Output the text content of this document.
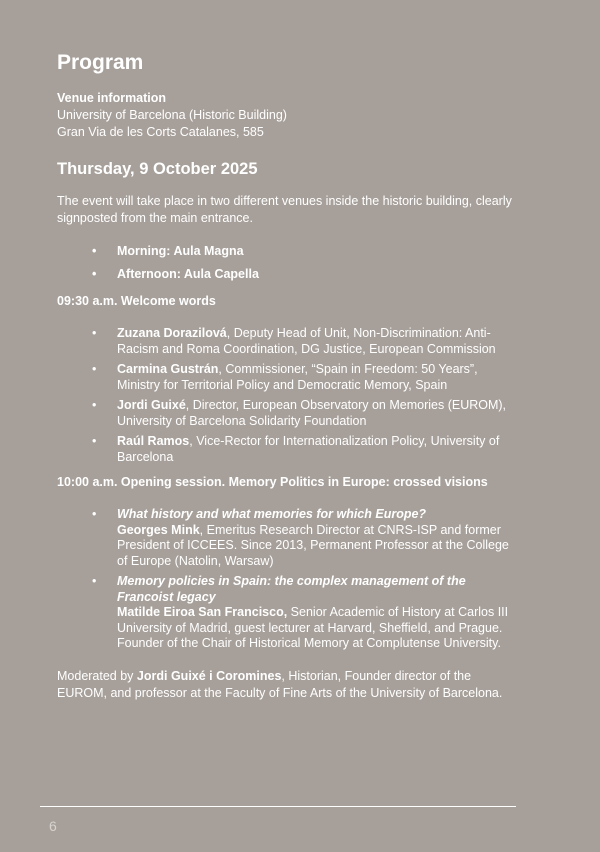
Program
Venue information
University of Barcelona (Historic Building)
Gran Via de les Corts Catalanes, 585
Thursday, 9 October 2025

The event will take place in two different venues inside the historic building, clearly signposted from the main entrance.

• Morning: Aula Magna
• Afternoon: Aula Capella
09:30 a.m. Welcome words
• Zuzana Dorazilová, Deputy Head of Unit, Non-Discrimination: Anti-Racism and Roma Coordination, DG Justice, European Commission
• Carmina Gustrán, Commissioner, “Spain in Freedom: 50 Years”, Ministry for Territorial Policy and Democratic Memory, Spain
• Jordi Guixé, Director, European Observatory on Memories (EUROM), University of Barcelona Solidarity Foundation
• Raúl Ramos, Vice-Rector for Internationalization Policy, University of Barcelona
10:00 a.m. Opening session. Memory Politics in Europe: crossed visions
• What history and what memories for which Europe?
Georges Mink, Emeritus Research Director at CNRS-ISP and former President of ICCEES. Since 2013, Permanent Professor at the College of Europe (Natolin, Warsaw)
• Memory policies in Spain: the complex management of the Francoist legacy
Matilde Eiroa San Francisco, Senior Academic of History at Carlos III University of Madrid, guest lecturer at Harvard, Sheffield, and Prague. Founder of the Chair of Historical Memory at Complutense University.

Moderated by Jordi Guixé i Coromines, Historian, Founder director of the EUROM, and professor at the Faculty of Fine Arts of the University of Barcelona.

6
